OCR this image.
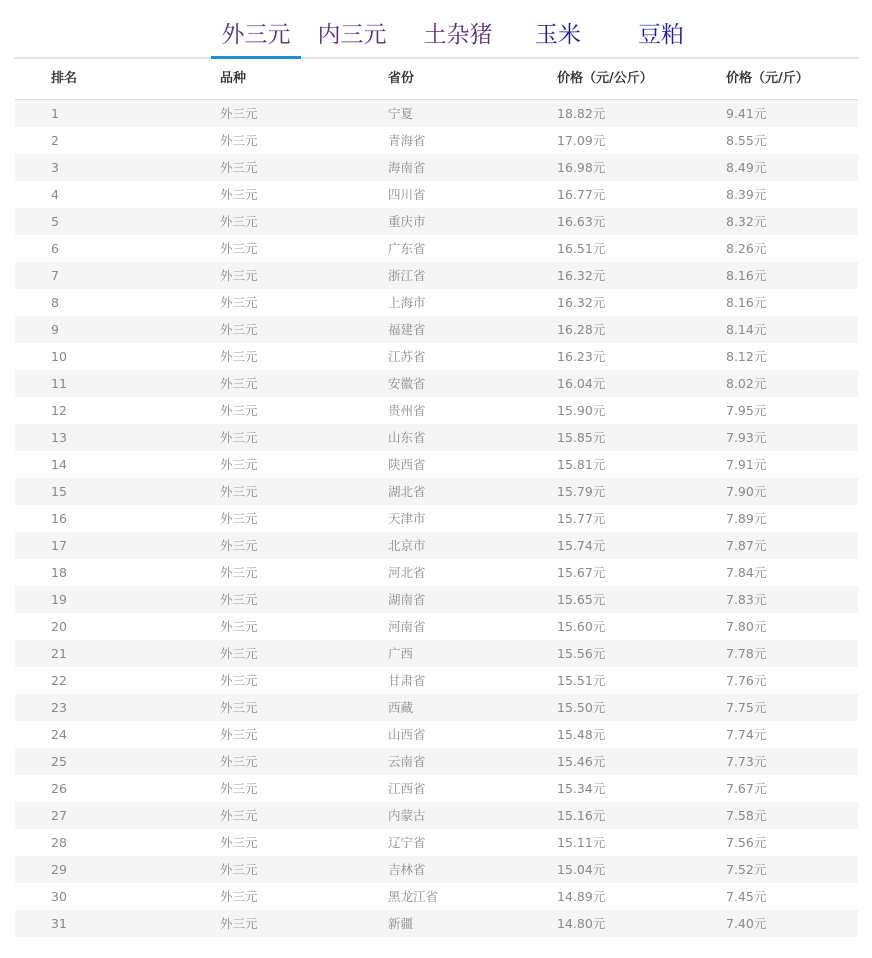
外三元	内三元 土杂猪	玉米	豆粕
排名	品种	省份	价格（元/公斤）	价格（元/斤）
1	外三元	宁夏	18.82元	9.41元
2	外三元	青海省	17.09元	8.55元
3	外三元	海南省	16.98元	8.49元
4	外三元	四川省	16.77元	8.39元
5	外三元	重庆市	16.63元	8.32元
6	外三元	广东省	16.51元	8.26元
7	外三元	浙江省	16.32元	8.16元
8	外三元	上海市	16.32元	8.16元
9	外三元	福建省	16.28元	8.14元
10	外三元	江苏省	16.23元	8.12元
11	外三元	安徽省	16.04元	8.02元
12	外三元	贵州省	15.90元	7.95元
13	外三元	山东省	15.85元	7.93元
14	外三元	陕西省	15.81元	7.91元
15	外三元	湖北省	15.79元	7.90元
16	外三元	天津市	15.77元	7.89元
17	外三元	北京市	15.74元	7.87元
18	外三元	河北省	15.67元	7.84元
19	外三元	湖南省	15.65元	7.83元
20	外三元	河南省	15.60元	7.80元
21	外三元	广西	15.56元	7.78元
22	外三元	甘肃省	15.51元	7.76元
23	外三元	西藏	15.50元	7.75元
24	外三元	山西省	15.48元	7.74元
25	外三元	云南省	15.46元	7.73元
26	外三元	江西省	15.34元	7.67元
27	外三元	内蒙古	15.16元	7.58元
28	外三元	辽宁省	15.11元	7.56元
29	外三元	吉林省	15.04元	7.52元
30	外三元	黑龙江省	14.89元	7.45元
31	外三元	新疆	14.80元	7.40元
